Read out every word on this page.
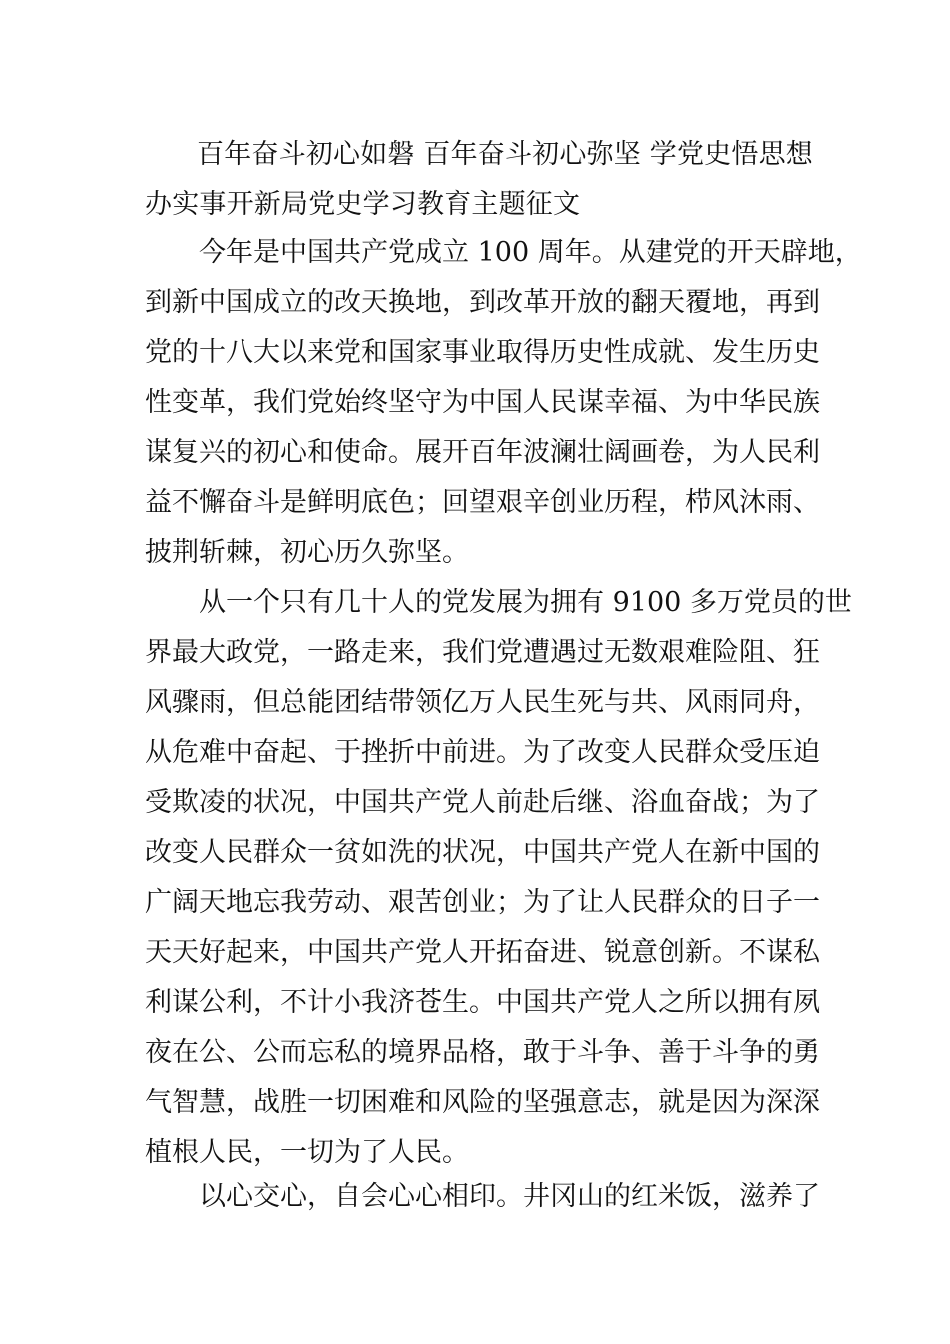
百年奋斗初心如磐 百年奋斗初心弥坚 学党史悟思想
办实事开新局党史学习教育主题征文
今年是中国共产党成立 100 周年。从建党的开天辟地，
到新中国成立的改天换地，到改革开放的翻天覆地，再到
党的十八大以来党和国家事业取得历史性成就、发生历史
性变革，我们党始终坚守为中国人民谋幸福、为中华民族
谋复兴的初心和使命。展开百年波澜壮阔画卷，为人民利
益不懈奋斗是鲜明底色；回望艰辛创业历程，栉风沐雨、
披荆斩棘，初心历久弥坚。
从一个只有几十人的党发展为拥有 9100 多万党员的世
界最大政党，一路走来，我们党遭遇过无数艰难险阻、狂
风骤雨，但总能团结带领亿万人民生死与共、风雨同舟，
从危难中奋起、于挫折中前进。为了改变人民群众受压迫
受欺凌的状况，中国共产党人前赴后继、浴血奋战；为了
改变人民群众一贫如洗的状况，中国共产党人在新中国的
广阔天地忘我劳动、艰苦创业；为了让人民群众的日子一
天天好起来，中国共产党人开拓奋进、锐意创新。不谋私
利谋公利，不计小我济苍生。中国共产党人之所以拥有夙
夜在公、公而忘私的境界品格，敢于斗争、善于斗争的勇
气智慧，战胜一切困难和风险的坚强意志，就是因为深深
植根人民，一切为了人民。
以心交心，自会心心相印。井冈山的红米饭，滋养了
